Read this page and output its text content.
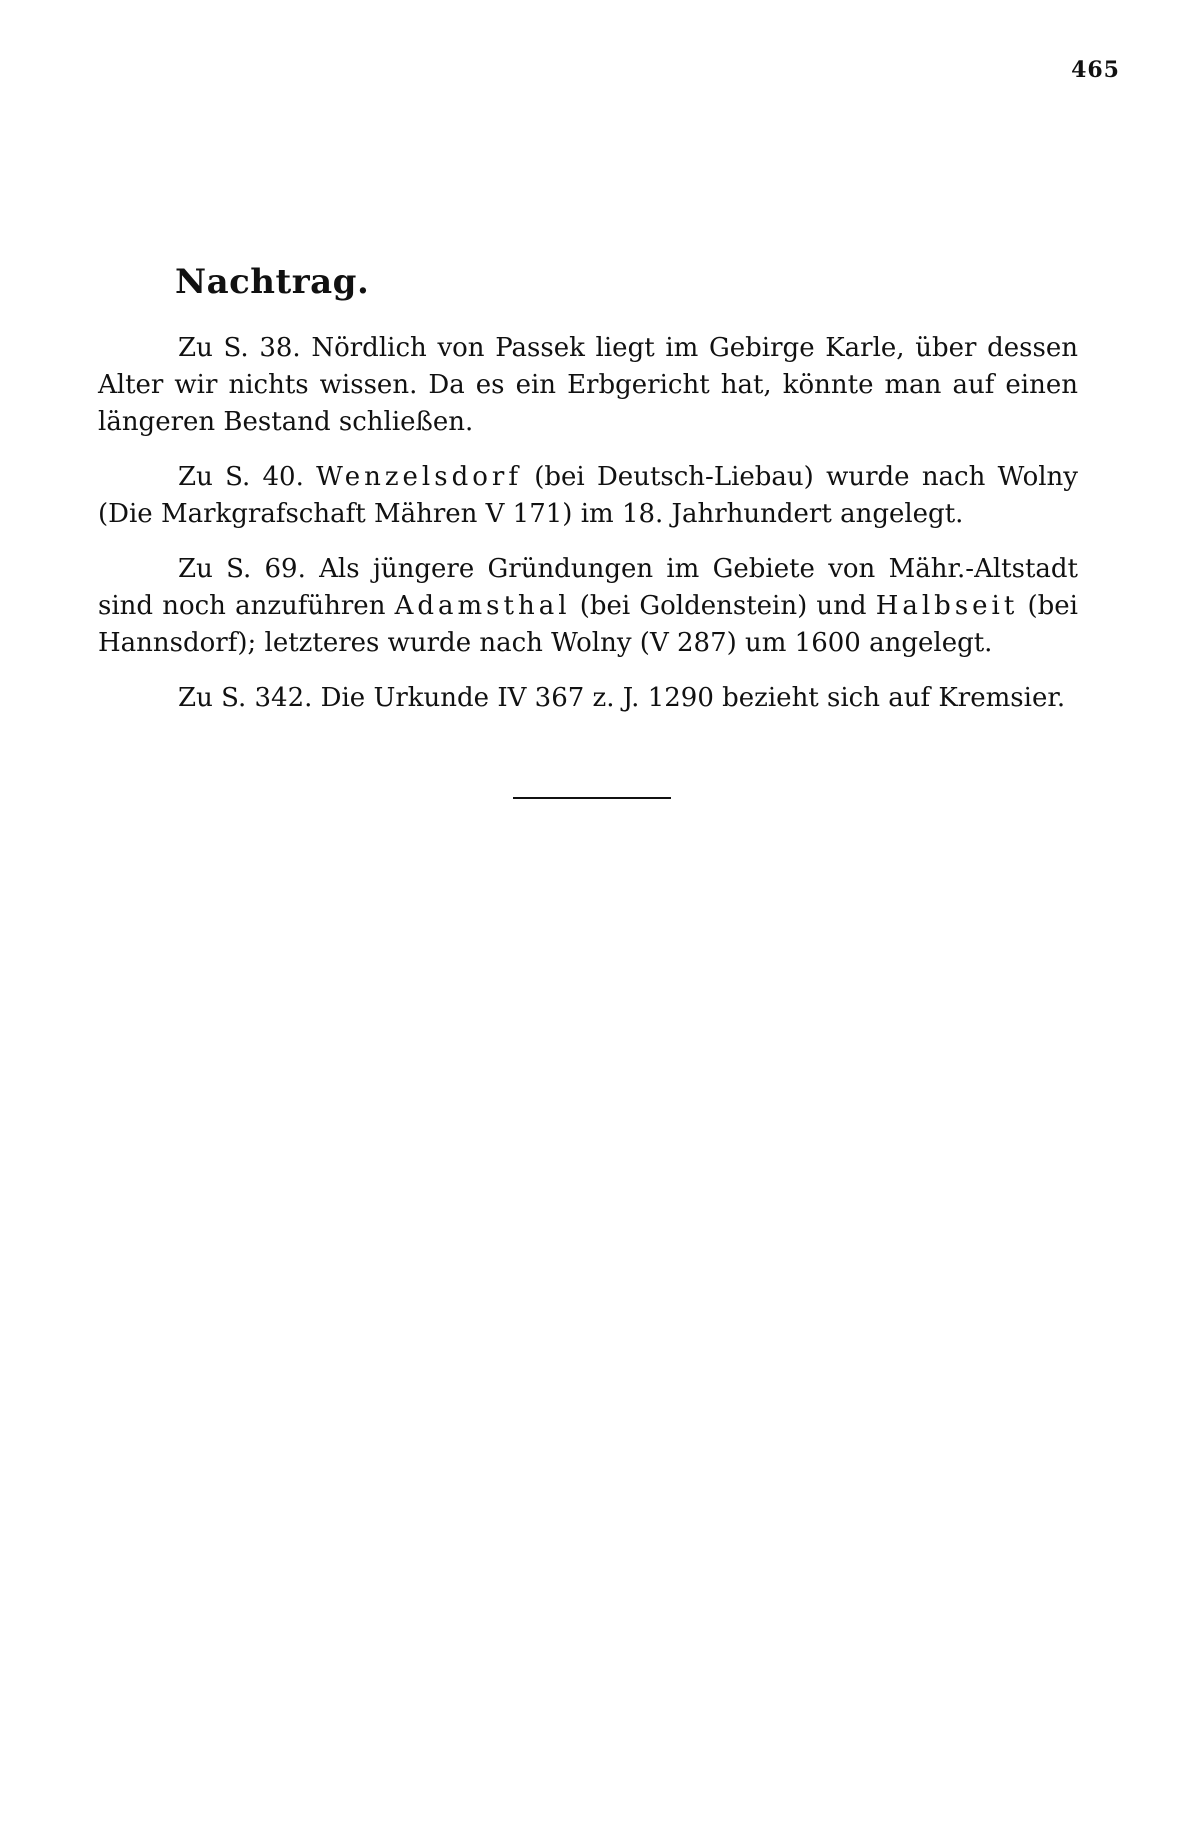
465
Nachtrag.

Zu S. 38. Nördlich von Passek liegt im Gebirge Karle, über dessen Alter wir nichts wissen. Da es ein Erbgericht hat, könnte man auf einen längeren Bestand schließen.

Zu S. 40. Wenzelsdorf (bei Deutsch-Liebau) wurde nach Wolny (Die Markgrafschaft Mähren V 171) im 18. Jahrhundert angelegt.

Zu S. 69. Als jüngere Gründungen im Gebiete von Mähr.-Altstadt sind noch anzuführen Adamsthal (bei Goldenstein) und Halbseit (bei Hannsdorf); letzteres wurde nach Wolny (V 287) um 1600 angelegt.

Zu S. 342. Die Urkunde IV 367 z. J. 1290 bezieht sich auf Kremsier.
